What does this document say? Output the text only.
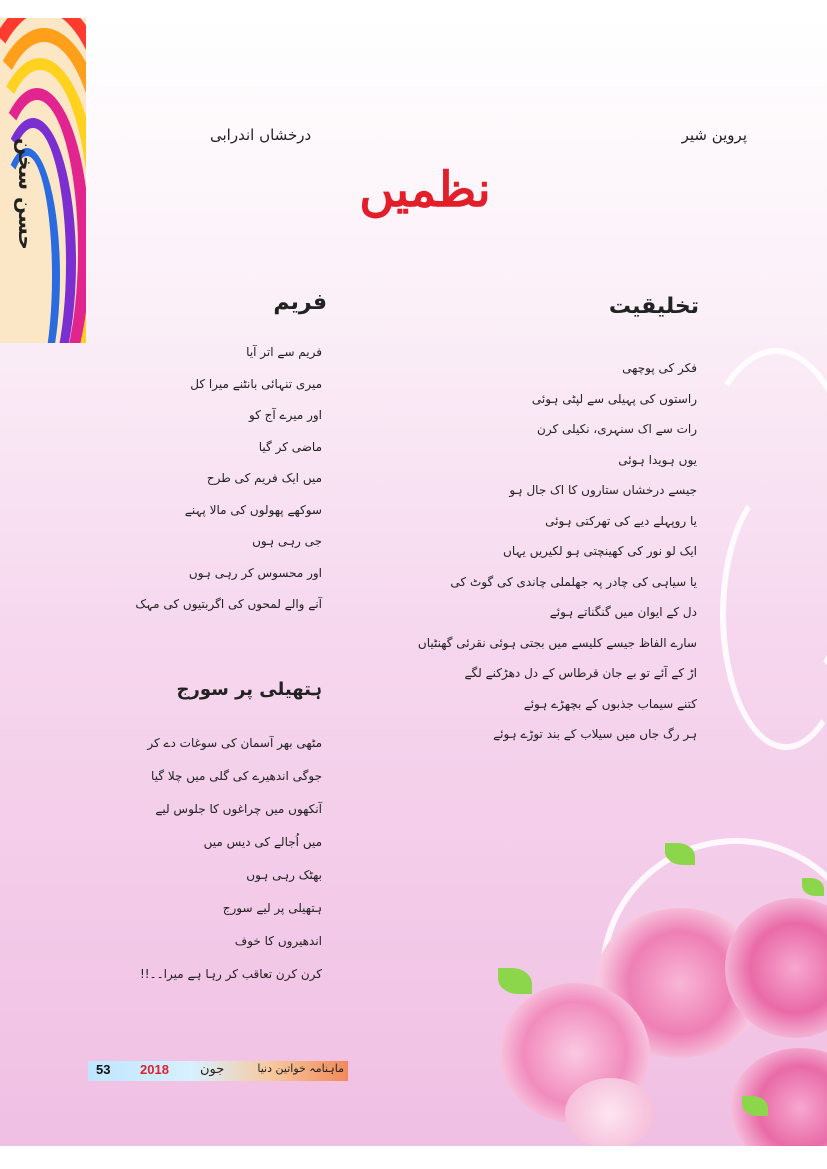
حسن سخن
پروین شیر
درخشاں اندرابی
نظمیں
تخلیقیت
فکر کی پوچھی
راستوں کی پہیلی سے لپٹی ہوئی
رات سے اک سنہری، نکیلی کرن
یوں ہویدا ہوئی
جیسے درخشاں ستاروں کا اک جال ہو
یا روپہلے دیے کی تھرکتی ہوئی
ایک لو نور کی کھینچتی ہو لکیریں یہاں
یا سیاہی کی چادر پہ جھلملی چاندی کی گوٹ کی
دل کے ایوان میں گنگناتے ہوئے
سارے الفاظ جیسے کلیسے میں بجتی ہوئی نقرئی گھنٹیاں
اڑ کے آئے تو بے جان قرطاس کے دل دھڑکنے لگے
کتنے سیماب جذبوں کے بچھڑے ہوئے
ہر رگ جاں میں سیلاب کے بند توڑے ہوئے
فریم
فریم سے اتر آیا
میری تنہائی بانٹنے میرا کل
اور میرے آج کو
ماضی کر گیا
میں ایک فریم کی طرح
سوکھے پھولوں کی مالا پہنے
جی رہی ہوں
اور محسوس کر رہی ہوں
آنے والے لمحوں کی اگربتیوں کی مہک
ہتھیلی پر سورج
مٹھی بھر آسمان کی سوغات دے کر
جوگی اندھیرے کی گلی میں چلا گیا
آنکھوں میں چراغوں کا جلوس لیے
میں اُجالے کی دیس میں
بھٹک رہی ہوں
ہتھیلی پر لیے سورج
اندھیروں کا خوف
کرن کرن تعاقب کر رہا ہے میرا۔۔!!
53 2018 جون	ماہنامہ خواتین دنیا
